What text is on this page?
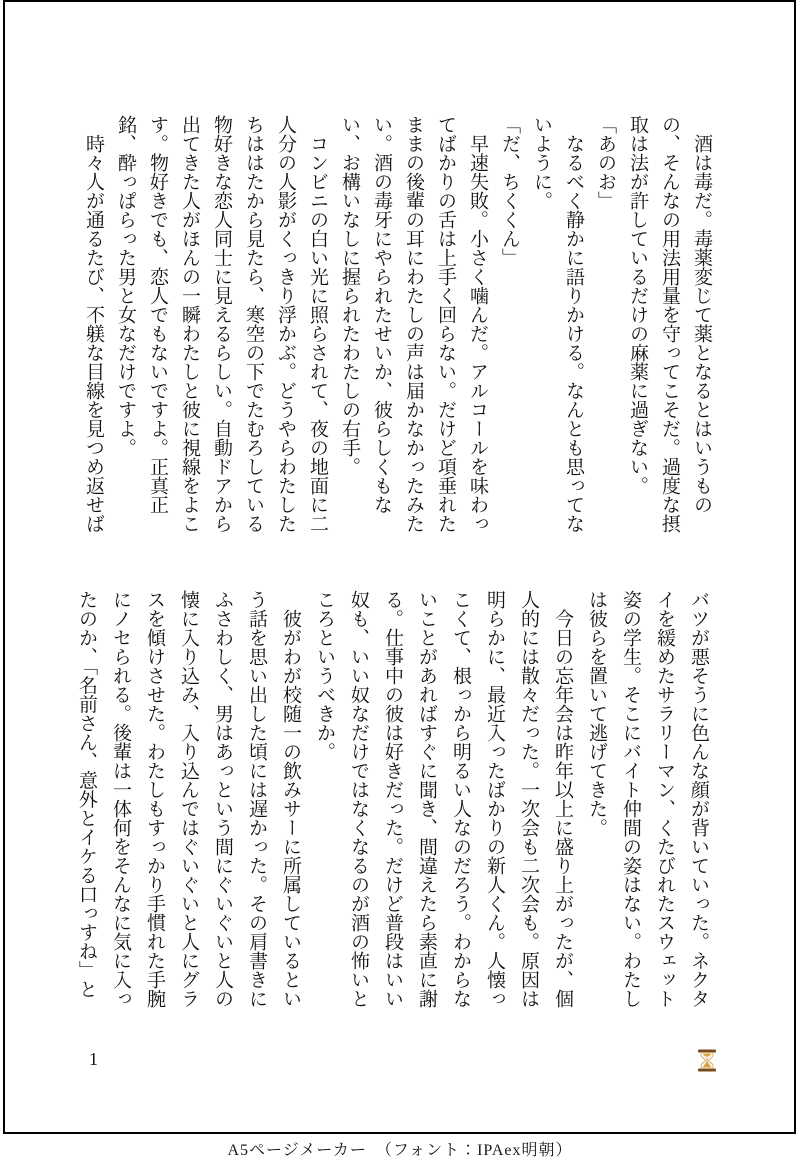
酒は毒だ。毒薬変じて薬となるとはいうものの、そんなの用法用量を守ってこそだ。過度な摂取は法が許しているだけの麻薬に過ぎない。

「あのお」

なるべく静かに語りかける。なんとも思ってないように。

「だ、ちくくん」

早速失敗。小さく噛んだ。アルコールを味わってばかりの舌は上手く回らない。だけど項垂れたままの後輩の耳にわたしの声は届かなかったみたい。酒の毒牙にやられたせいか、彼らしくもない、お構いなしに握られたわたしの右手。

コンビニの白い光に照らされて、夜の地面に二人分の人影がくっきり浮かぶ。どうやらわたしたちははたから見たら、寒空の下でたむろしている物好きな恋人同士に見えるらしい。自動ドアから出てきた人がほんの一瞬わたしと彼に視線をよこす。物好きでも、恋人でもないですよ。正真正銘、酔っぱらった男と女なだけですよ。

時々人が通るたび、不躾な目線を見つめ返せば

バツが悪そうに色んな顔が背いていった。ネクタイを緩めたサラリーマン、くたびれたスウェット姿の学生。そこにバイト仲間の姿はない。わたしは彼らを置いて逃げてきた。

今日の忘年会は昨年以上に盛り上がったが、個人的には散々だった。一次会も二次会も。原因は明らかに、最近入ったばかりの新人くん。人懐っこくて、根っから明るい人なのだろう。わからないことがあればすぐに聞き、間違えたら素直に謝る。仕事中の彼は好きだった。だけど普段はいい奴も、いい奴なだけではなくなるのが酒の怖いところというべきか。

彼がわが校随一の飲みサーに所属しているという話を思い出した頃には遅かった。その肩書きにふさわしく、男はあっという間にぐいぐいと人の懐に入り込み、入り込んではぐいぐいと人にグラスを傾けさせた。わたしもすっかり手慣れた手腕にノセられる。後輩は一体何をそんなに気に入ったのか、「名前さん、意外とイケる口っすね」と

1
A5ページメーカー　（フォント：IPAex明朝）
